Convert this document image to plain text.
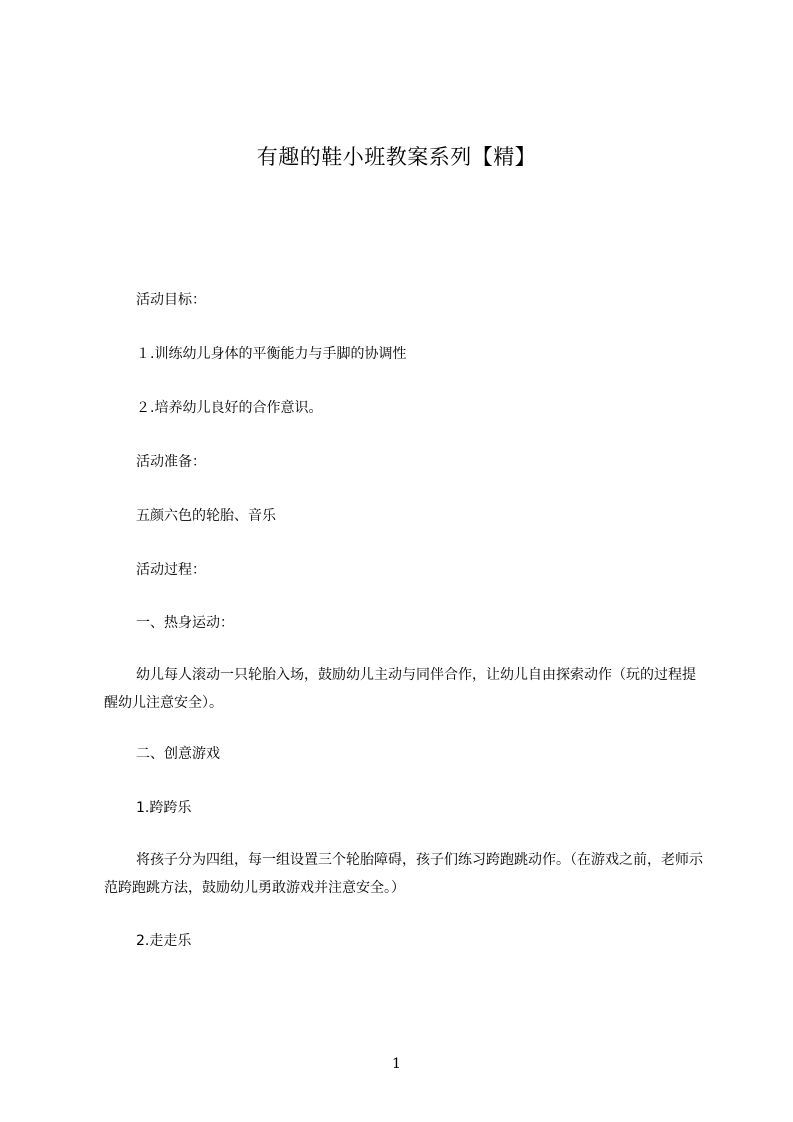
有趣的鞋小班教案系列【精】

活动目标：

１.训练幼儿身体的平衡能力与手脚的协调性

２.培养幼儿良好的合作意识。

活动准备：

五颜六色的轮胎、音乐

活动过程：

一、热身运动：

幼儿每人滚动一只轮胎入场，鼓励幼儿主动与同伴合作，让幼儿自由探索动作（玩的过程提醒幼儿注意安全）。

二、创意游戏

1.跨跨乐

将孩子分为四组，每一组设置三个轮胎障碍，孩子们练习跨跑跳动作。（在游戏之前，老师示范跨跑跳方法，鼓励幼儿勇敢游戏并注意安全。）

2.走走乐

1
